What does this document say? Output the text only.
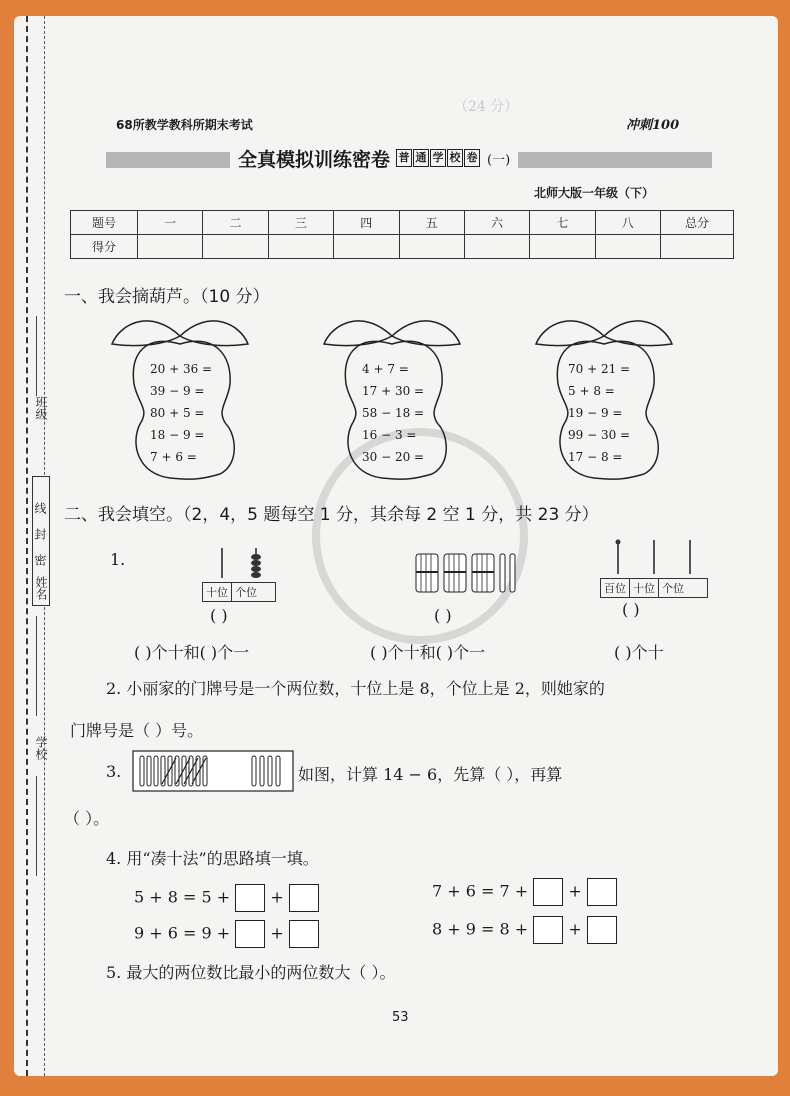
（24 分）
班级
线封密
姓名
学校
68所教学教科所期末考试	冲刺100
全真模拟训练密卷 普 通 学 校 卷 (一)
北师大版一年级（下）
题号	一	二	三	四	五	六	七	八	总分
得分									
一、我会摘葫芦。（10 分）
20 + 36 =
39 − 9 =
80 + 5 =
18 − 9 =
7 + 6 =
4 + 7 =
17 + 30 =
58 − 18 =
16 − 3 =
30 − 20 =
70 + 21 =
5 + 8 =
19 − 9 =
99 − 30 =
17 − 8 =
二、我会填空。（2，4，5 题每空 1 分，其余每 2 空 1 分，共 23 分）
1.
十位 个位
( )	( )
百位 十位 个位
( )
( )个十和( )个一	( )个十和( )个一	( )个十
2. 小丽家的门牌号是一个两位数，十位上是 8，个位上是 2，则她家的
门牌号是（ ）号。
3.	如图，计算 14 − 6，先算（ ），再算
（ ）。
4. 用“凑十法”的思路填一填。
5 + 8 = 5 +	+
9 + 6 = 9 +	+
7 + 6 = 7 +	+
8 + 9 = 8 +	+
5. 最大的两位数比最小的两位数大（ ）。
53
